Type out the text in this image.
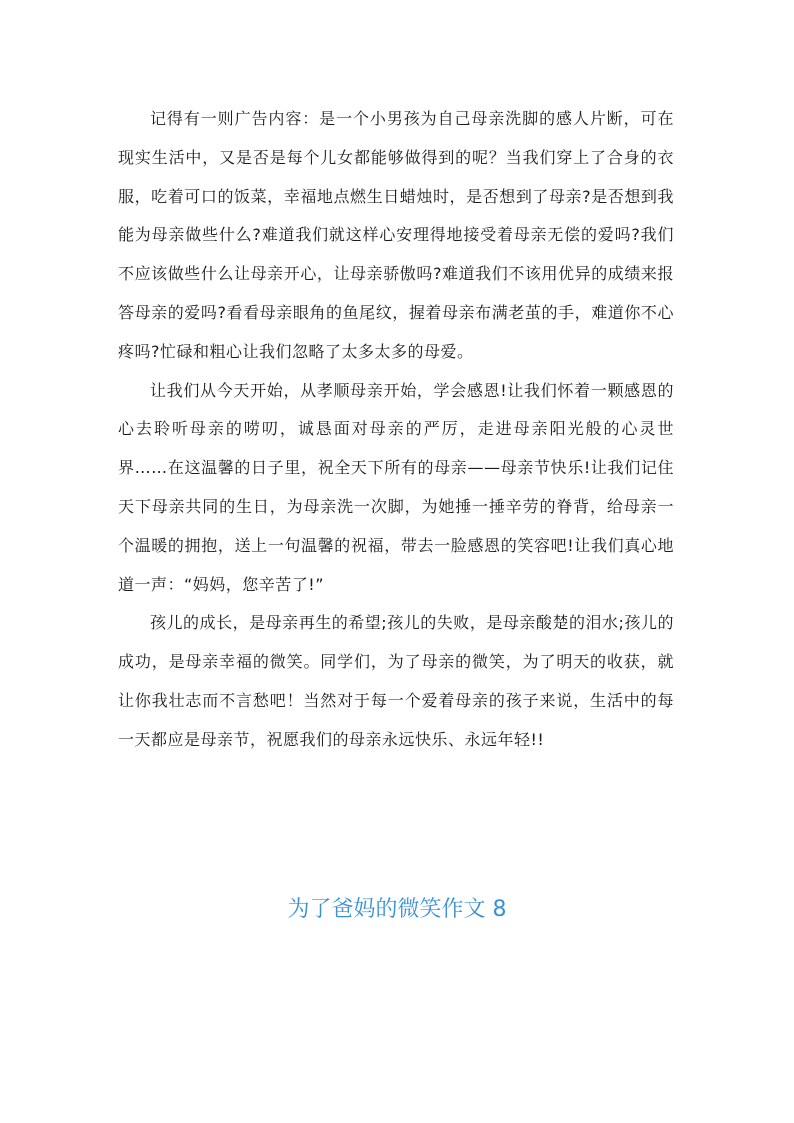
记得有一则广告内容：是一个小男孩为自己母亲洗脚的感人片断，可在现实生活中，又是否是每个儿女都能够做得到的呢？当我们穿上了合身的衣服，吃着可口的饭菜，幸福地点燃生日蜡烛时，是否想到了母亲?是否想到我能为母亲做些什么?难道我们就这样心安理得地接受着母亲无偿的爱吗?我们不应该做些什么让母亲开心，让母亲骄傲吗?难道我们不该用优异的成绩来报答母亲的爱吗?看看母亲眼角的鱼尾纹，握着母亲布满老茧的手，难道你不心疼吗?忙碌和粗心让我们忽略了太多太多的母爱。

让我们从今天开始，从孝顺母亲开始，学会感恩!让我们怀着一颗感恩的心去聆听母亲的唠叨，诚恳面对母亲的严厉，走进母亲阳光般的心灵世界……在这温馨的日子里，祝全天下所有的母亲——母亲节快乐!让我们记住天下母亲共同的生日，为母亲洗一次脚，为她捶一捶辛劳的脊背，给母亲一个温暖的拥抱，送上一句温馨的祝福，带去一脸感恩的笑容吧!让我们真心地道一声：“妈妈，您辛苦了!”

孩儿的成长，是母亲再生的希望;孩儿的失败，是母亲酸楚的泪水;孩儿的成功，是母亲幸福的微笑。同学们，为了母亲的微笑，为了明天的收获，就让你我壮志而不言愁吧！当然对于每一个爱着母亲的孩子来说，生活中的每一天都应是母亲节，祝愿我们的母亲永远快乐、永远年轻!!

为了爸妈的微笑作文 8
